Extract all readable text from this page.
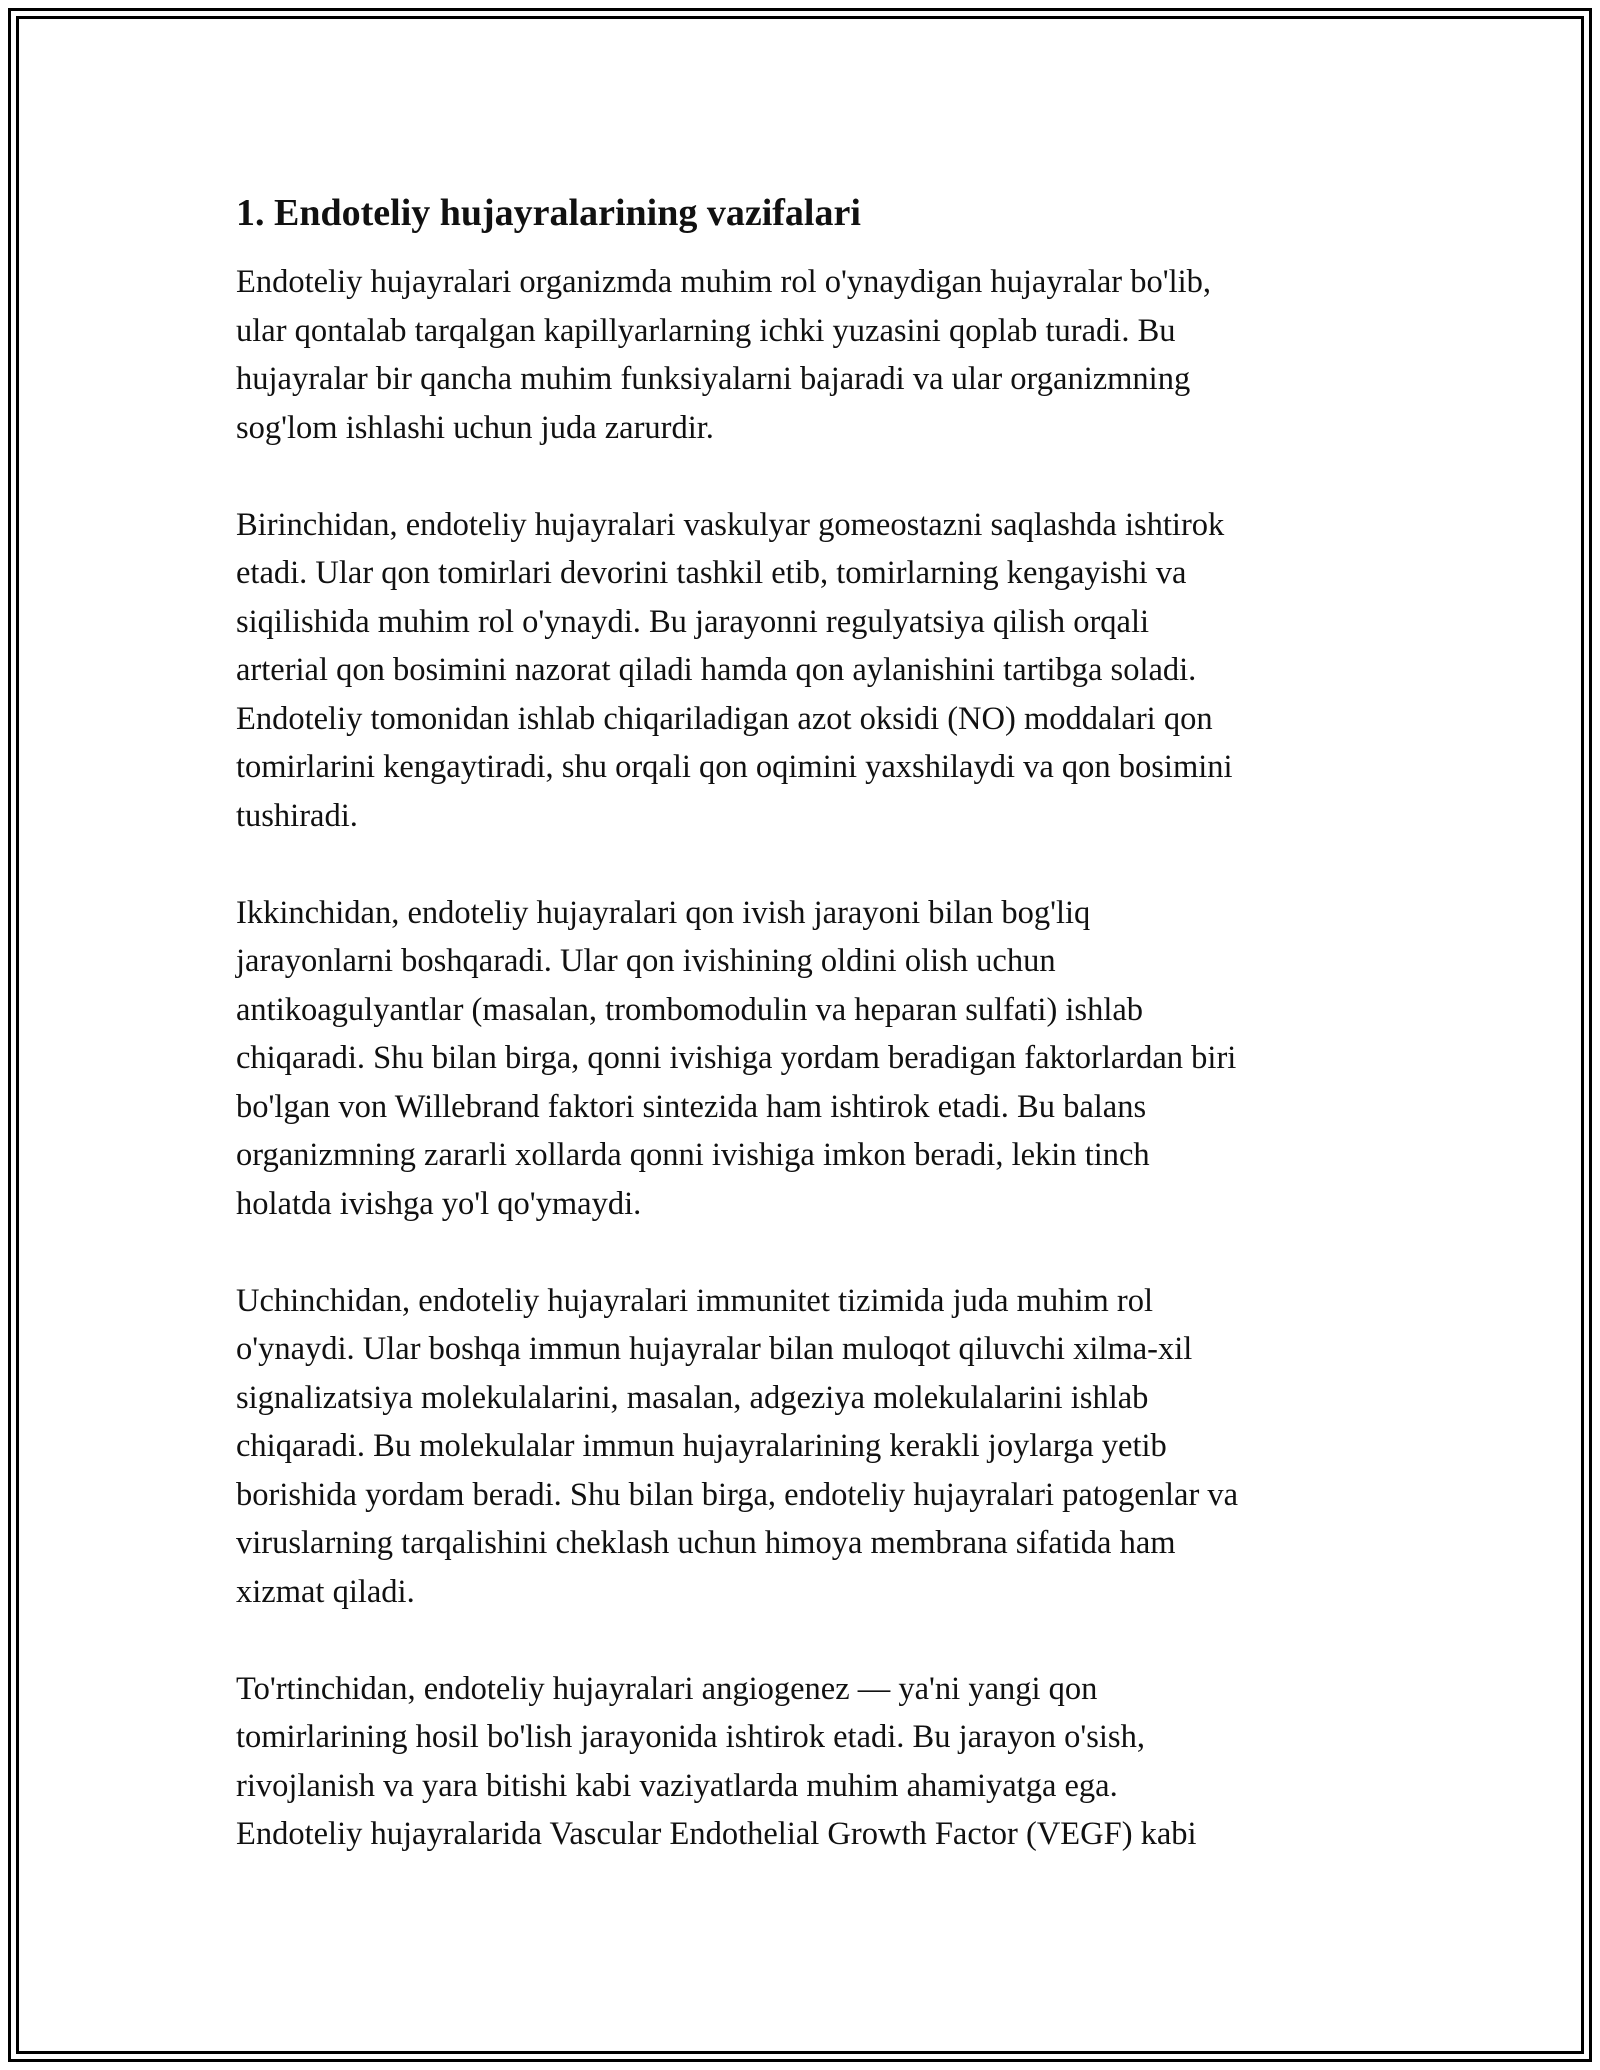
1. Endoteliy hujayralarining vazifalari

Endoteliy hujayralari organizmda muhim rol o'ynaydigan hujayralar bo'lib,
ular qontalab tarqalgan kapillyarlarning ichki yuzasini qoplab turadi. Bu
hujayralar bir qancha muhim funksiyalarni bajaradi va ular organizmning
sog'lom ishlashi uchun juda zarurdir.

Birinchidan, endoteliy hujayralari vaskulyar gomeostazni saqlashda ishtirok
etadi. Ular qon tomirlari devorini tashkil etib, tomirlarning kengayishi va
siqilishida muhim rol o'ynaydi. Bu jarayonni regulyatsiya qilish orqali
arterial qon bosimini nazorat qiladi hamda qon aylanishini tartibga soladi.
Endoteliy tomonidan ishlab chiqariladigan azot oksidi (NO) moddalari qon
tomirlarini kengaytiradi, shu orqali qon oqimini yaxshilaydi va qon bosimini
tushiradi.

Ikkinchidan, endoteliy hujayralari qon ivish jarayoni bilan bog'liq
jarayonlarni boshqaradi. Ular qon ivishining oldini olish uchun
antikoagulyantlar (masalan, trombomodulin va heparan sulfati) ishlab
chiqaradi. Shu bilan birga, qonni ivishiga yordam beradigan faktorlardan biri
bo'lgan von Willebrand faktori sintezida ham ishtirok etadi. Bu balans
organizmning zararli xollarda qonni ivishiga imkon beradi, lekin tinch
holatda ivishga yo'l qo'ymaydi.

Uchinchidan, endoteliy hujayralari immunitet tizimida juda muhim rol
o'ynaydi. Ular boshqa immun hujayralar bilan muloqot qiluvchi xilma-xil
signalizatsiya molekulalarini, masalan, adgeziya molekulalarini ishlab
chiqaradi. Bu molekulalar immun hujayralarining kerakli joylarga yetib
borishida yordam beradi. Shu bilan birga, endoteliy hujayralari patogenlar va
viruslarning tarqalishini cheklash uchun himoya membrana sifatida ham
xizmat qiladi.

To'rtinchidan, endoteliy hujayralari angiogenez — ya'ni yangi qon
tomirlarining hosil bo'lish jarayonida ishtirok etadi. Bu jarayon o'sish,
rivojlanish va yara bitishi kabi vaziyatlarda muhim ahamiyatga ega.
Endoteliy hujayralarida Vascular Endothelial Growth Factor (VEGF) kabi
